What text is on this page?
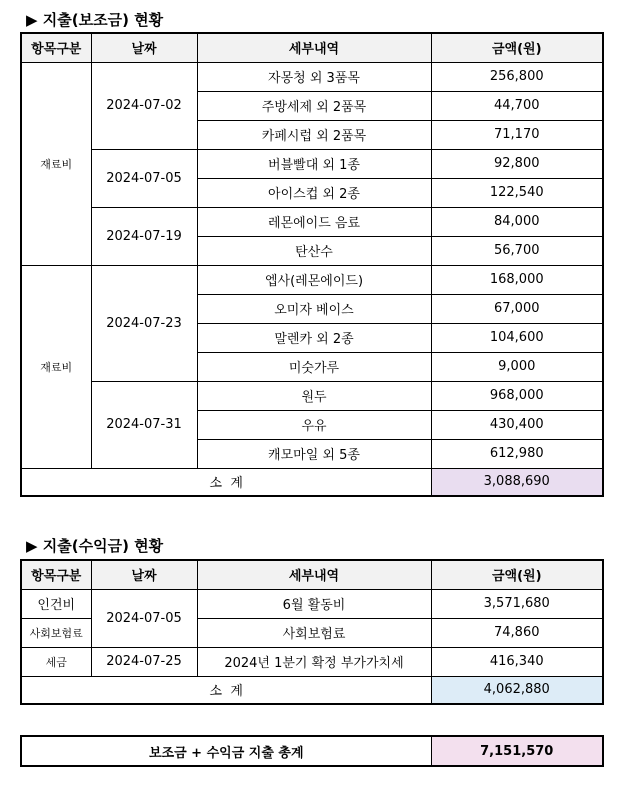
▶ 지출(보조금) 현황
항목구분	날짜	세부내역	금액(원)
재료비	2024-07-02	자몽청 외 3품목	256,800
		주방세제 외 2품목	44,700
		카페시럽 외 2품목	71,170
	2024-07-05	버블빨대 외 1종	92,800
		아이스컵 외 2종	122,540
	2024-07-19	레몬에이드 음료	84,000
		탄산수	56,700
재료비	2024-07-23	엡사(레몬에이드)	168,000
		오미자 베이스	67,000
		말렌카 외 2종	104,600
		미숫가루	9,000
	2024-07-31	원두	968,000
		우유	430,400
		캐모마일 외 5종	612,980
소  계			3,088,690
▶ 지출(수익금) 현황
항목구분	날짜	세부내역	금액(원)
인건비	2024-07-05	6월 활동비	3,571,680
사회보험료		사회보험료	74,860
세금	2024-07-25	2024년 1분기 확정 부가가치세	416,340
소  계			4,062,880
보조금 + 수익금 지출 총계	7,151,570
